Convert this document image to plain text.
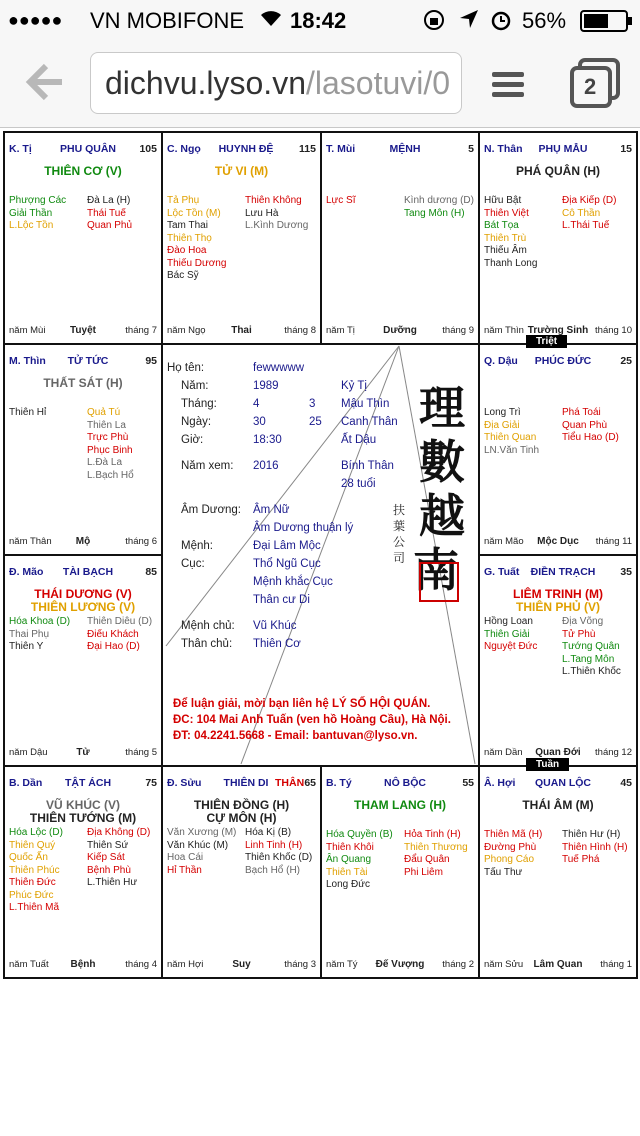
●●●●● VN MOBIFONE 18:42	56%
dichvu.lyso.vn/lasotuvi/0	2
K. Tị	PHU QUÂN	105
THIÊN CƠ (V)
Phượng Các
Giải Thần
L.Lộc Tồn
Đà La (H)
Thái Tuế
Quan Phủ
năm Mùi	Tuyệt	tháng 7
C. Ngọ	HUYNH ĐỆ	115
TỬ VI (M)
Tả Phụ
Lộc Tồn (M)
Tam Thai
Thiên Thọ
Đào Hoa
Thiếu Dương
Bác Sỹ
Thiên Không
Lưu Hà
L.Kình Dương
năm Ngọ	Thai	tháng 8
T. Mùi	MỆNH	5
Lực Sĩ	Kình dương (D)
Tang Môn (H)
năm Tị	Dưỡng	tháng 9
N. Thân	PHỤ MẪU	15
PHÁ QUÂN (H)
Hữu Bật
Thiên Việt
Bát Tọa
Thiên Trù
Thiếu Âm
Thanh Long
Địa Kiếp (D)
Cô Thần
L.Thái Tuế
năm Thìn Trường Sinh tháng 10
M. Thìn	TỬ TỨC	95
THẤT SÁT (H)
Thiên Hỉ	Quả Tú
Thiên La
Trực Phù
Phục Binh
L.Đà La
L.Bạch Hổ
năm Thân	Mộ	tháng 6
Q. Dậu	PHÚC ĐỨC	25
Long Trì
Địa Giải
Thiên Quan
LN.Văn Tinh
Phá Toái
Quan Phù
Tiểu Hao (D)
năm Mão	Mộc Dục	tháng 11
Đ. Mão	TÀI BẠCH	85
THÁI DƯƠNG (V)
THIÊN LƯƠNG (V)
Hóa Khoa (D)
Thai Phụ
Thiên Y
Thiên Diêu (D)
Điếu Khách
Đại Hao (D)
năm Dậu	Tử	tháng 5
G. Tuất ĐIỀN TRẠCH 35
LIÊM TRINH (M)
THIÊN PHỦ (V)
Hồng Loan
Thiên Giải
Nguyệt Đức
Địa Võng
Tử Phù
Tướng Quân
L.Tang Môn
L.Thiên Khốc
năm Dần	Quan Đới	tháng 12
B. Dần	TẬT ÁCH	75
VŨ KHÚC (V)
THIÊN TƯỚNG (M)
Hóa Lộc (D)
Thiên Quý
Quốc Ấn
Thiên Phúc
Thiên Đức
Phúc Đức
L.Thiên Mã
Địa Không (D)
Thiên Sứ
Kiếp Sát
Bệnh Phù
L.Thiên Hư
năm Tuất	Bệnh	tháng 4
Đ. Sửu	THIÊN DI THÂN 65
THIÊN ĐỒNG (H)
CỰ MÔN (H)
Văn Xương (M)
Văn Khúc (M)
Hoa Cái
Hỉ Thần
Hóa Kị (B)
Linh Tinh (H)
Thiên Khốc (D)
Bạch Hổ (H)
năm Hợi	Suy	tháng 3
B. Tý	NÔ BỘC	55
THAM LANG (H)
Hóa Quyền (B)
Thiên Khôi
Ân Quang
Thiên Tài
Long Đức
Hỏa Tinh (H)
Thiên Thương
Đẩu Quân
Phi Liêm
năm Tý	Đế Vượng	tháng 2
Â. Hợi	QUAN LỘC	45
THÁI ÂM (M)
Thiên Mã (H)
Đường Phù
Phong Cáo
Tấu Thư
Thiên Hư (H)
Thiên Hình (H)
Tuế Phá
năm Sửu	Lâm Quan	tháng 1
Triệt
Tuần
Họ tên:	fewwwww
Năm:	1989	Kỷ Tị
Tháng:	4	3 Mậu Thìn
Ngày:	30	25 Canh Thân
Giờ:	18:30	Ất Dậu
Năm xem: 2016	Bính Thân
28 tuổi
Âm Dương: Âm Nữ
Âm Dương thuận lý
Mệnh:	Đại Lâm Mộc
Cục:	Thổ Ngũ Cục
Mệnh khắc Cục
Thân cư Di
Mệnh chủ: Vũ Khúc
Thân chủ: Thiên Cơ
理
數
越
南
扶
葉
公
司
Để luận giải, mời bạn liên hệ LÝ SỐ HỘI QUÁN.
ĐC: 104 Mai Anh Tuấn (ven hồ Hoàng Cầu), Hà Nội.
ĐT: 04.2241.5668 - Email: bantuvan@lyso.vn.
